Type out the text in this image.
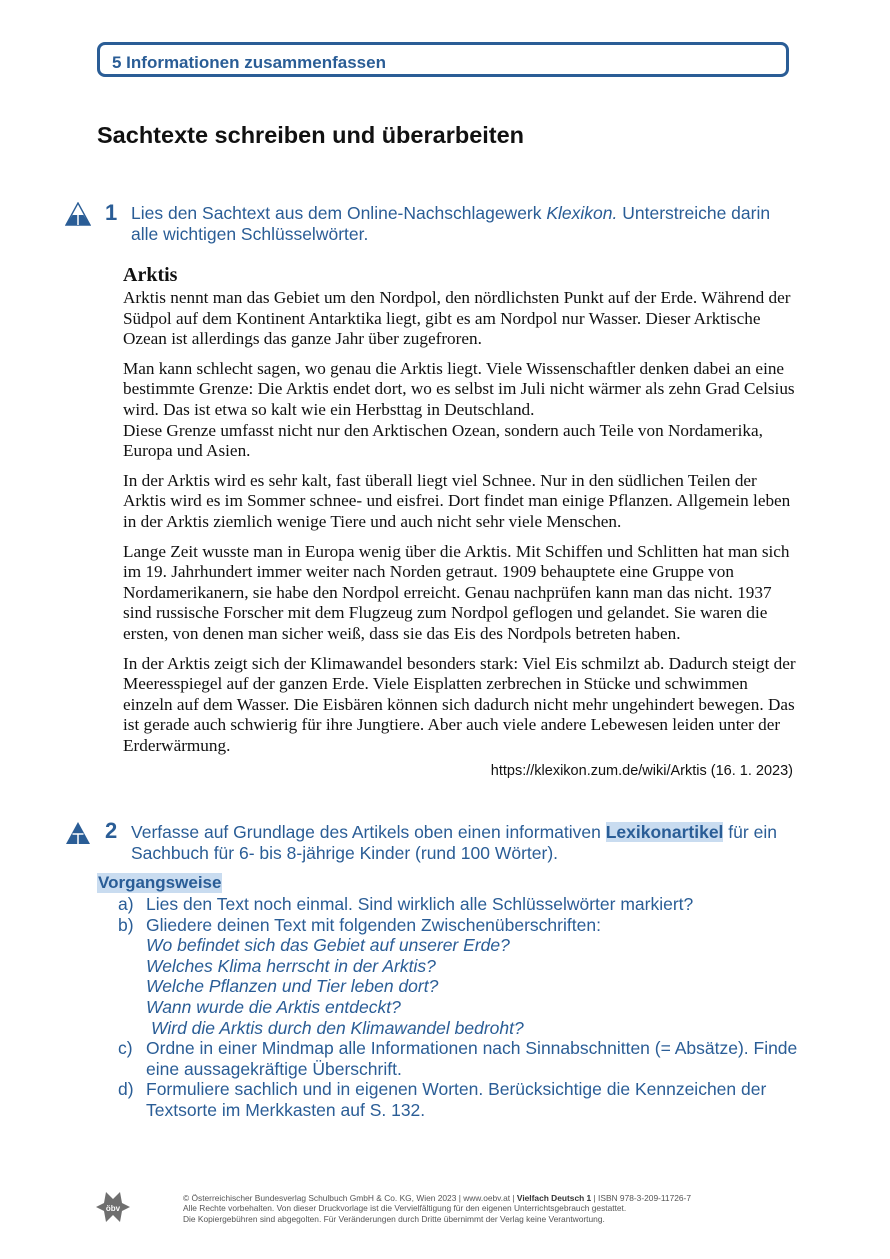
5 Informationen zusammenfassen
Sachtexte schreiben und überarbeiten
1 Lies den Sachtext aus dem Online-Nachschlagewerk Klexikon. Unterstreiche darin alle wichtigen Schlüsselwörter.
Arktis

Arktis nennt man das Gebiet um den Nordpol, den nördlichsten Punkt auf der Erde. Während der Südpol auf dem Kontinent Antarktika liegt, gibt es am Nordpol nur Wasser. Dieser Arktische Ozean ist allerdings das ganze Jahr über zugefroren.

Man kann schlecht sagen, wo genau die Arktis liegt. Viele Wissenschaftler denken dabei an eine bestimmte Grenze: Die Arktis endet dort, wo es selbst im Juli nicht wärmer als zehn Grad Celsius wird. Das ist etwa so kalt wie ein Herbsttag in Deutschland.
Diese Grenze umfasst nicht nur den Arktischen Ozean, sondern auch Teile von Nordamerika, Europa und Asien.

In der Arktis wird es sehr kalt, fast überall liegt viel Schnee. Nur in den südlichen Teilen der Arktis wird es im Sommer schnee- und eisfrei. Dort findet man einige Pflanzen. Allgemein leben in der Arktis ziemlich wenige Tiere und auch nicht sehr viele Menschen.

Lange Zeit wusste man in Europa wenig über die Arktis. Mit Schiffen und Schlitten hat man sich im 19. Jahrhundert immer weiter nach Norden getraut. 1909 behauptete eine Gruppe von Nordamerikanern, sie habe den Nordpol erreicht. Genau nachprüfen kann man das nicht. 1937 sind russische Forscher mit dem Flugzeug zum Nordpol geflogen und gelandet. Sie waren die ersten, von denen man sicher weiß, dass sie das Eis des Nordpols betreten haben.

In der Arktis zeigt sich der Klimawandel besonders stark: Viel Eis schmilzt ab. Dadurch steigt der Meeresspiegel auf der ganzen Erde. Viele Eisplatten zerbrechen in Stücke und schwimmen einzeln auf dem Wasser. Die Eisbären können sich dadurch nicht mehr ungehindert bewegen. Das ist gerade auch schwierig für ihre Jungtiere. Aber auch viele andere Lebewesen leiden unter der Erderwärmung.

https://klexikon.zum.de/wiki/Arktis (16. 1. 2023)
2 Verfasse auf Grundlage des Artikels oben einen informativen Lexikonartikel für ein Sachbuch für 6- bis 8-jährige Kinder (rund 100 Wörter).
Vorgangsweise
a) Lies den Text noch einmal. Sind wirklich alle Schlüsselwörter markiert?
b) Gliedere deinen Text mit folgenden Zwischenüberschriften:
Wo befindet sich das Gebiet auf unserer Erde?
Welches Klima herrscht in der Arktis?
Welche Pflanzen und Tier leben dort?
Wann wurde die Arktis entdeckt?
Wird die Arktis durch den Klimawandel bedroht?
c) Ordne in einer Mindmap alle Informationen nach Sinnabschnitten (= Absätze). Finde eine aussagekräftige Überschrift.
d) Formuliere sachlich und in eigenen Worten. Berücksichtige die Kennzeichen der Textsorte im Merkkasten auf S. 132.
öbv
© Österreichischer Bundesverlag Schulbuch GmbH & Co. KG, Wien 2023 | www.oebv.at | Vielfach Deutsch 1 | ISBN 978-3-209-11726-7
Alle Rechte vorbehalten. Von dieser Druckvorlage ist die Vervielfältigung für den eigenen Unterrichtsgebrauch gestattet.
Die Kopiergebühren sind abgegolten. Für Veränderungen durch Dritte übernimmt der Verlag keine Verantwortung.
